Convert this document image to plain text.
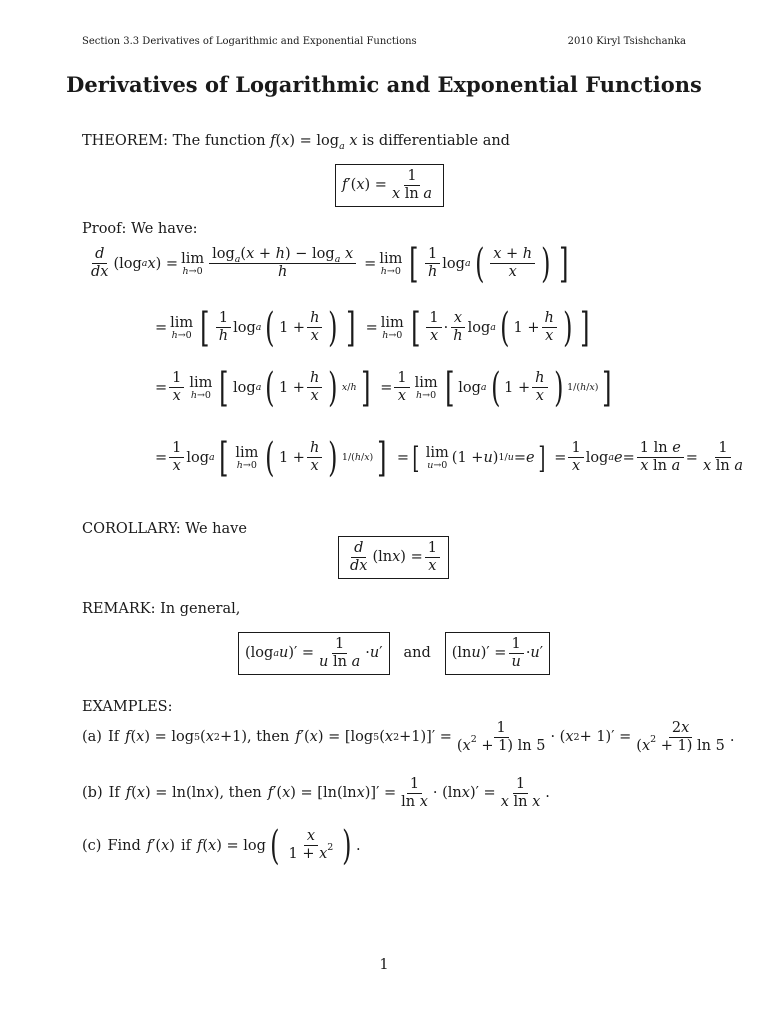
Section 3.3 Derivatives of Logarithmic and Exponential Functions	2010 Kiryl Tsishchanka
Derivatives of Logarithmic and Exponential Functions
THEOREM: The function $f(x) = \log_a x$ is differentiable and
f ′( x ) = $\frac{1}{\text{x ln a}}$
Proof: We have:
$\frac{d}{dx} (\log$ a x ) = lim
$h\to 0 \frac{\log_a(x + h) - \log_a x}{h} = \lim$
h→0 [ $\frac{1}{h}$ log a ( $\frac{x + h}{x}$ ) ]
= lim
h→0 [ $\frac{1}{h}$ log a ( $1 + \frac{h}{x}$ ) ] = lim
h→0 [ $\frac{1}{x} \cdot \frac{x}{h}$ log a ( $1 + \frac{h}{x}$ ) ]
= $\frac{1}{x}$ lim
h→0 [ log a ( $1 + \frac{h}{x}$ ) x/h ] = $\frac{1}{x}$ lim
h→0 [ log a ( $1 + \frac{h}{x}$ ) 1/(h/x) ]
= $\frac{1}{x}$ log a [ lim
h→0 ( $1 + \frac{h}{x}$ ) 1/(h/x) ] = [ lim
u→0 (1 + u ) 1/u = e ] = $\frac{1}{x}$ log a $e = \frac{\text{1 ln e}}{\text{x ln a}} = \frac{1}{\text{x ln a}}$
COROLLARY: We have
$\frac{d}{dx} (\ln$ x ) = $\frac{1}{x}$
REMARK: In general,
(log a u )′ = $\frac{1}{\text{u ln a}} \cdot u$ ′	and	(ln u )′ = $\frac{1}{u} \cdot u$ ′
EXAMPLES:
(a) If f ( x ) = log 5 ( x 2 +1) , then f ′( x ) = [log 5 ( x $2 +1)]' = \frac{1}{(x^2 + 1) \ln 5}$ · ( x $2 + 1)' = \frac{2x}{(x^2 + 1) \ln 5}$ .
(b) If f ( x ) = ln(ln x ) , then f ′( x ) = [ln(ln x )]′ = $\frac{1}{\text{ln x}} \cdot (\ln$ x )′ = $\frac{1}{\text{x ln x}}$ .
(c) Find f ′( x ) if f ( x ) = log ( $\frac{x}{1 + x^2}$ ) .
1
